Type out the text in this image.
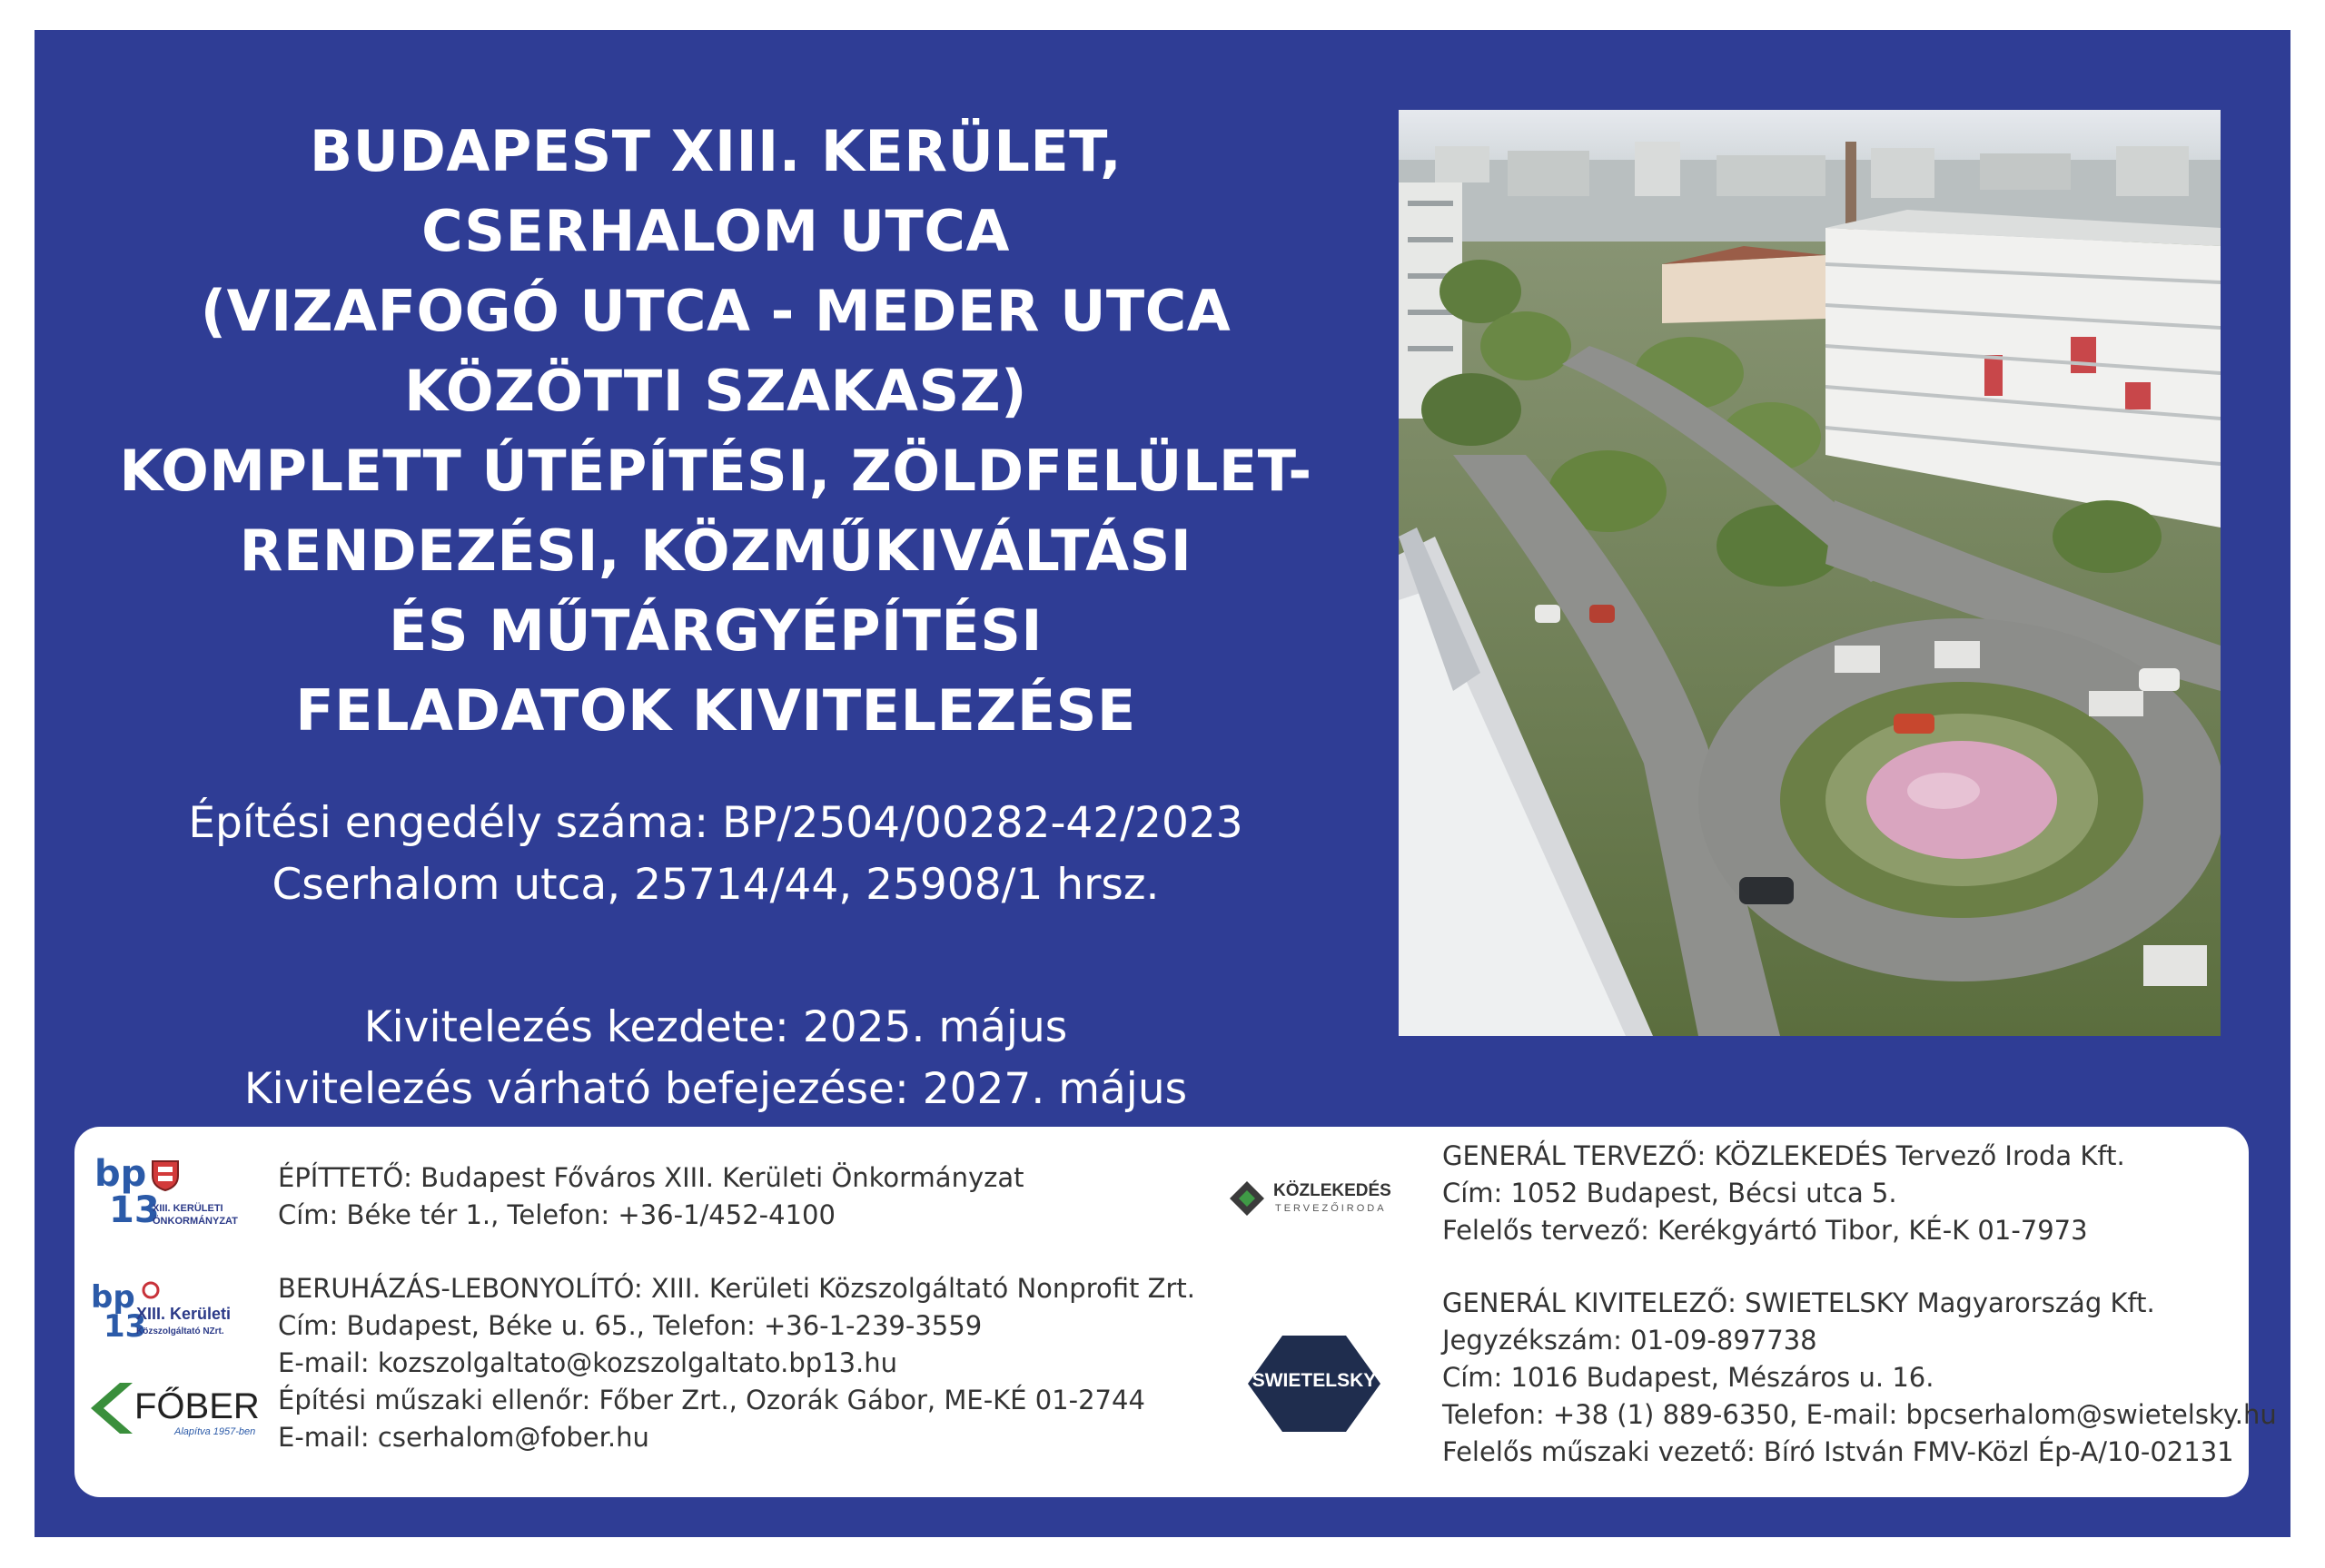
BUDAPEST XIII. KERÜLET,
CSERHALOM UTCA
(VIZAFOGÓ UTCA - MEDER UTCA
KÖZÖTTI SZAKASZ)
KOMPLETT ÚTÉPÍTÉSI, ZÖLDFELÜLET-
RENDEZÉSI, KÖZMŰKIVÁLTÁSI
ÉS MŰTÁRGYÉPÍTÉSI
FELADATOK KIVITELEZÉSE
Építési engedély száma: BP/2504/00282-42/2023
Cserhalom utca, 25714/44, 25908/1 hrsz.
Kivitelezés kezdete: 2025. május
Kivitelezés várható befejezése: 2027. május
bp
13
XIII. KERÜLETI
ÖNKORMÁNYZAT
ÉPÍTTETŐ: Budapest Főváros XIII. Kerületi Önkormányzat
Cím: Béke tér 1., Telefon: +36-1/452-4100
bp
13
XIII. Kerületi
Közszolgáltató NZrt.
FŐBER
Alapítva 1957-ben
BERUHÁZÁS-LEBONYOLÍTÓ: XIII. Kerületi Közszolgáltató Nonprofit Zrt.
Cím: Budapest, Béke u. 65., Telefon: +36-1-239-3559
E-mail: kozszolgaltato@kozszolgaltato.bp13.hu
Építési műszaki ellenőr: Főber Zrt., Ozorák Gábor, ME-KÉ 01-2744
E-mail: cserhalom@fober.hu
KÖZLEKEDÉS
TERVEZŐIRODA
GENERÁL TERVEZŐ: KÖZLEKEDÉS Tervező Iroda Kft.
Cím: 1052 Budapest, Bécsi utca 5.
Felelős tervező: Kerékgyártó Tibor, KÉ-K 01-7973
SWIETELSKY
GENERÁL KIVITELEZŐ: SWIETELSKY Magyarország Kft.
Jegyzékszám: 01-09-897738
Cím: 1016 Budapest, Mészáros u. 16.
Telefon: +38 (1) 889-6350, E-mail: bpcserhalom@swietelsky.hu
Felelős műszaki vezető: Bíró István FMV-Közl Ép-A/10-02131
